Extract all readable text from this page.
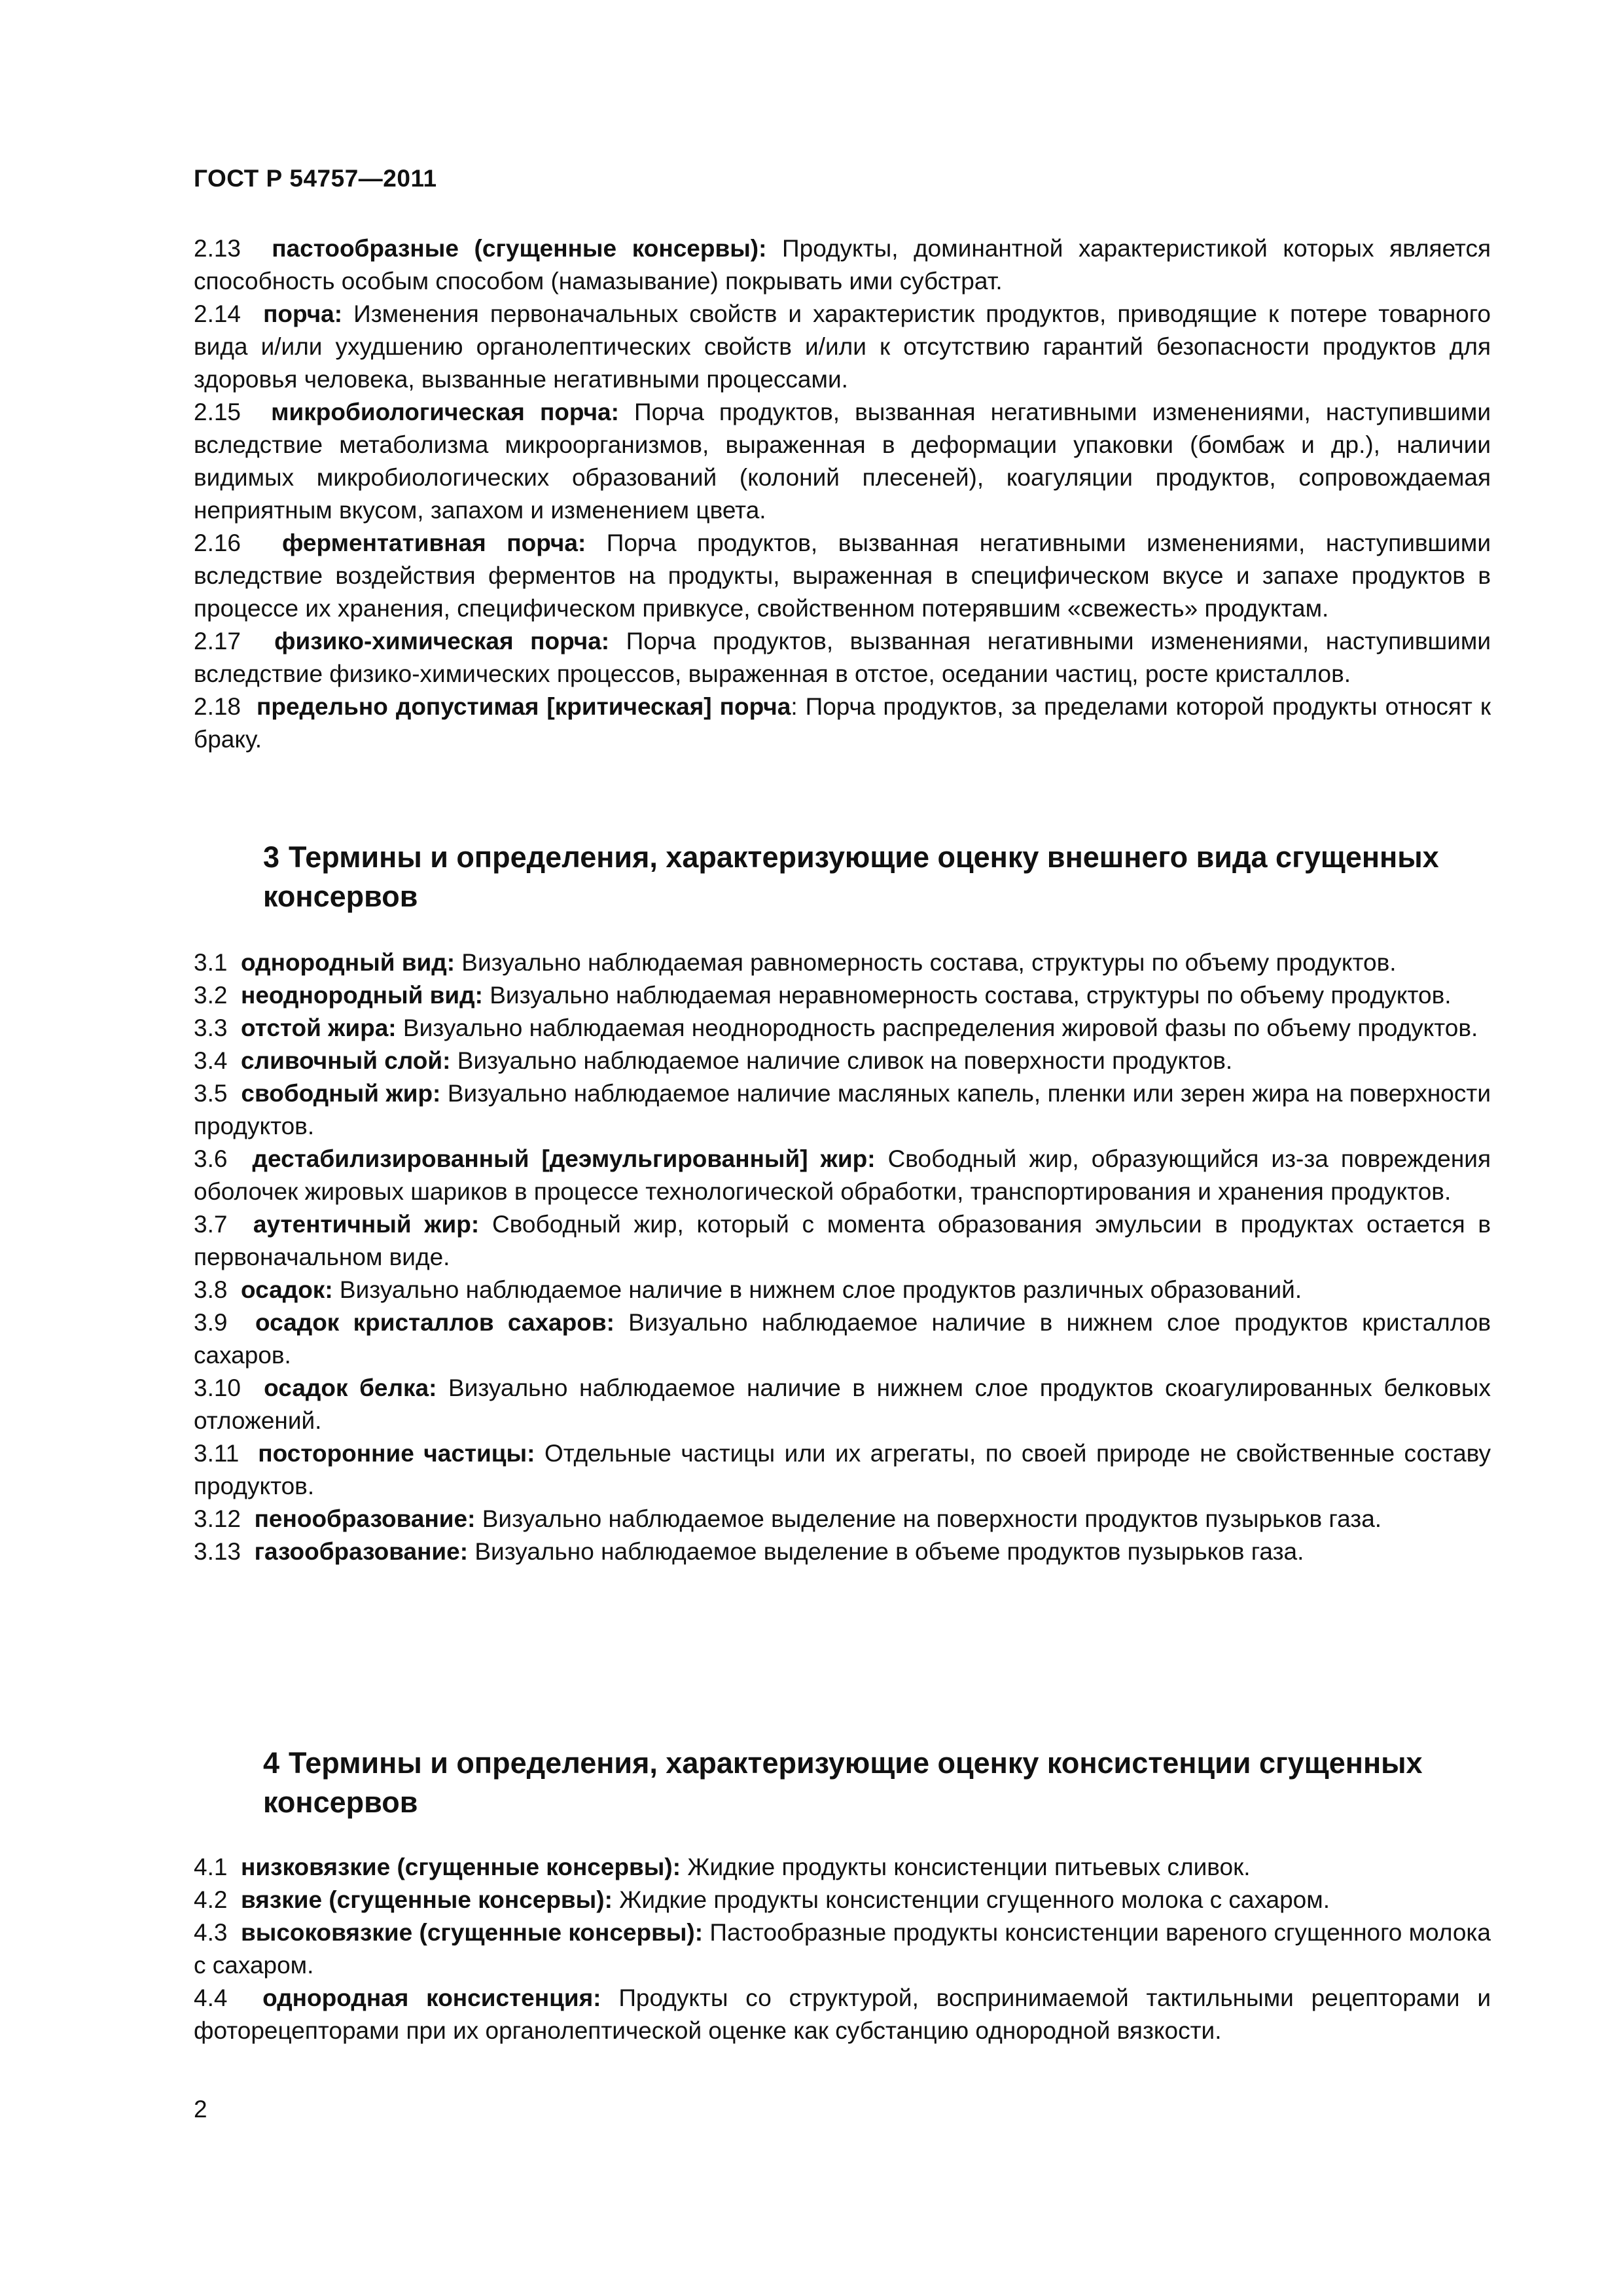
ГОСТ Р 54757—2011

2.13 пастообразные (сгущенные консервы): Продукты, доминантной характеристикой которых является способность особым способом (намазывание) покрывать ими субстрат.

2.14 порча: Изменения первоначальных свойств и характеристик продуктов, приводящие к потере товарного вида и/или ухудшению органолептических свойств и/или к отсутствию гарантий безопасности продуктов для здоровья человека, вызванные негативными процессами.

2.15 микробиологическая порча: Порча продуктов, вызванная негативными изменениями, наступившими вследствие метаболизма микроорганизмов, выраженная в деформации упаковки (бомбаж и др.), наличии видимых микробиологических образований (колоний плесеней), коагуляции продуктов, сопровождаемая неприятным вкусом, запахом и изменением цвета.

2.16 ферментативная порча: Порча продуктов, вызванная негативными изменениями, наступившими вследствие воздействия ферментов на продукты, выраженная в специфическом вкусе и запахе продуктов в процессе их хранения, специфическом привкусе, свойственном потерявшим «свежесть» продуктам.

2.17 физико-химическая порча: Порча продуктов, вызванная негативными изменениями, наступившими вследствие физико-химических процессов, выраженная в отстое, оседании частиц, росте кристаллов.

2.18 предельно допустимая [критическая] порча: Порча продуктов, за пределами которой продукты относят к браку.

3 Термины и определения, характеризующие оценку внешнего вида сгущенных консервов

3.1 однородный вид: Визуально наблюдаемая равномерность состава, структуры по объему продуктов.

3.2 неоднородный вид: Визуально наблюдаемая неравномерность состава, структуры по объему продуктов.

3.3 отстой жира: Визуально наблюдаемая неоднородность распределения жировой фазы по объему продуктов.

3.4 сливочный слой: Визуально наблюдаемое наличие сливок на поверхности продуктов.

3.5 свободный жир: Визуально наблюдаемое наличие масляных капель, пленки или зерен жира на поверхности продуктов.

3.6 дестабилизированный [деэмульгированный] жир: Свободный жир, образующийся из-за повреждения оболочек жировых шариков в процессе технологической обработки, транспортирования и хранения продуктов.

3.7 аутентичный жир: Свободный жир, который с момента образования эмульсии в продуктах остается в первоначальном виде.

3.8 осадок: Визуально наблюдаемое наличие в нижнем слое продуктов различных образований.

3.9 осадок кристаллов сахаров: Визуально наблюдаемое наличие в нижнем слое продуктов кристаллов сахаров.

3.10 осадок белка: Визуально наблюдаемое наличие в нижнем слое продуктов скоагулированных белковых отложений.

3.11 посторонние частицы: Отдельные частицы или их агрегаты, по своей природе не свойственные составу продуктов.

3.12 пенообразование: Визуально наблюдаемое выделение на поверхности продуктов пузырьков газа.

3.13 газообразование: Визуально наблюдаемое выделение в объеме продуктов пузырьков газа.

4 Термины и определения, характеризующие оценку консистенции сгущенных консервов

4.1 низковязкие (сгущенные консервы): Жидкие продукты консистенции питьевых сливок.

4.2 вязкие (сгущенные консервы): Жидкие продукты консистенции сгущенного молока с сахаром.

4.3 высоковязкие (сгущенные консервы): Пастообразные продукты консистенции вареного сгущенного молока с сахаром.

4.4 однородная консистенция: Продукты со структурой, воспринимаемой тактильными рецепторами и фоторецепторами при их органолептической оценке как субстанцию однородной вязкости.

2
